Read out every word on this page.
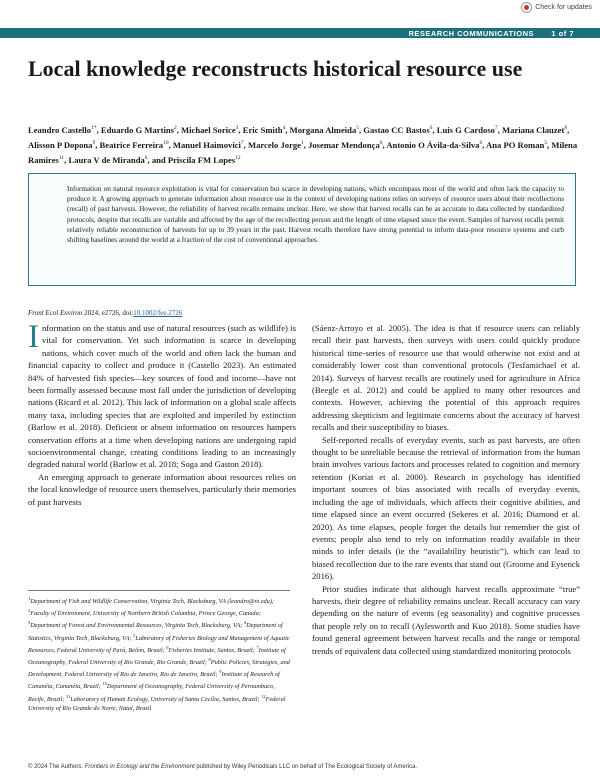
Check for updates
RESEARCH COMMUNICATIONS 1 of 7
Local knowledge reconstructs historical resource use
Leandro Castello$^{1*}$, Eduardo G Martins$^2$, Michael Sorice$^3$, Eric Smith$^4$, Morgana Almeida$^5$, Gastao CC Bastos$^6$, Luis G Cardoso$^7$, Mariana Clauzet$^8$, Alisson P Dopona$^9$, Beatrice Ferreira$^{10}$, Manuel Haimovici$^7$, Marcelo Jorge$^1$, Josemar Mendonça$^6$, Antonio O Ávila-da-Silva$^6$, Ana PO Roman$^5$, Milena Ramires$^{11}$, Laura V de Miranda$^6$, and Priscila FM Lopes$^{12}$
Information on natural resource exploitation is vital for conservation but scarce in developing nations, which encompass most of the world and often lack the capacity to produce it. A growing approach to generate information about resource use in the context of developing nations relies on surveys of resource users about their recollections (recall) of past harvests. However, the reliability of harvest recalls remains unclear. Here, we show that harvest recalls can be as accurate to data collected by standardized protocols, despite that recalls are variable and affected by the age of the recollecting person and the length of time elapsed since the event. Samples of harvest recalls permit relatively reliable reconstruction of harvests for up to 39 years in the past. Harvest recalls therefore have strong potential to inform data-poor resource systems and curb shifting baselines around the world at a fraction of the cost of conventional approaches.
Front Ecol Environ 2024; e2726, doi:10.1002/fee.2726

Information on the status and use of natural resources (such as wildlife) is vital for conservation. Yet such information is scarce in developing nations, which cover much of the world and often lack the human and financial capacity to collect and produce it (Castello 2023). An estimated 84% of harvested fish species—key sources of food and income—have not been formally assessed because most fall under the jurisdiction of developing nations (Ricard et al. 2012). This lack of information on a global scale affects many taxa, including species that are exploited and imperiled by extinction (Barlow et al. 2018). Deficient or absent information on resources hampers conservation efforts at a time when developing nations are undergoing rapid socioenvironmental change, creating conditions leading to an increasingly degraded natural world (Barlow et al. 2018; Soga and Gaston 2018).

An emerging approach to generate information about resources relies on the local knowledge of resource users themselves, particularly their memories of past harvests

(Sáenz-Arroyo et al. 2005). The idea is that if resource users can reliably recall their past harvests, then surveys with users could quickly produce historical time-series of resource use that would otherwise not exist and at considerably lower cost than conventional protocols (Tesfamichael et al. 2014). Surveys of harvest recalls are routinely used for agriculture in Africa (Beegle et al. 2012) and could be applied to many other resources and contexts. However, achieving the potential of this approach requires addressing skepticism and legitimate concerns about the accuracy of harvest recalls and their susceptibility to biases.

Self-reported recalls of everyday events, such as past harvests, are often thought to be unreliable because the retrieval of information from the human brain involves various factors and processes related to cognition and memory retention (Koriat et al. 2000). Research in psychology has identified important sources of bias associated with recalls of everyday events, including the age of individuals, which affects their cognitive abilities, and time elapsed since an event occurred (Sekeres et al. 2016; Diamond et al. 2020). As time elapses, people forget the details but remember the gist of events; people also tend to rely on information readily available in their minds to infer details (ie the “availability heuristic”), which can lead to biased recollection due to the rare events that stand out (Groome and Eysenck 2016).

Prior studies indicate that although harvest recalls approximate “true” harvests, their degree of reliability remains unclear. Recall accuracy can vary depending on the nature of events (eg seasonality) and cognitive processes that people rely on to recall (Aylesworth and Kuo 2018). Some studies have found general agreement between harvest recalls and the range or temporal trends of equivalent data collected using standardized monitoring protocols

$^1$Department of Fish and Wildlife Conservation, Virginia Tech, Blacksburg, VA (leandro@vt.edu); $^2$Faculty of Environment, University of Northern British Columbia, Prince George, Canada; $^3$Department of Forest and Environmental Resources, Virginia Tech, Blacksburg, VA; $^4$Department of Statistics, Virginia Tech, Blacksburg, VA; $^5$Laboratory of Fisheries Biology and Management of Aquatic Resources, Federal University of Pará, Belém, Brazil; $^6$Fisheries Institute, Santos, Brazil; $^7$Institute of Oceanography, Federal University of Rio Grande, Rio Grande, Brazil; $^8$Public Policies, Strategies, and Development, Federal University of Rio de Janeiro, Rio de Janeiro, Brazil; $^9$Institute of Research of Cananéia, Cananéia, Brazil; $^{10}$Department of Oceanography, Federal University of Pernambuco, Recife, Brazil; $^{11}$Laboratory of Human Ecology, University of Santa Cecília, Santos, Brazil; $^{12}$Federal University of Rio Grande do Norte, Natal, Brazil
© 2024 The Authors. Frontiers in Ecology and the Environment published by Wiley Periodicals LLC on behalf of The Ecological Society of America.
